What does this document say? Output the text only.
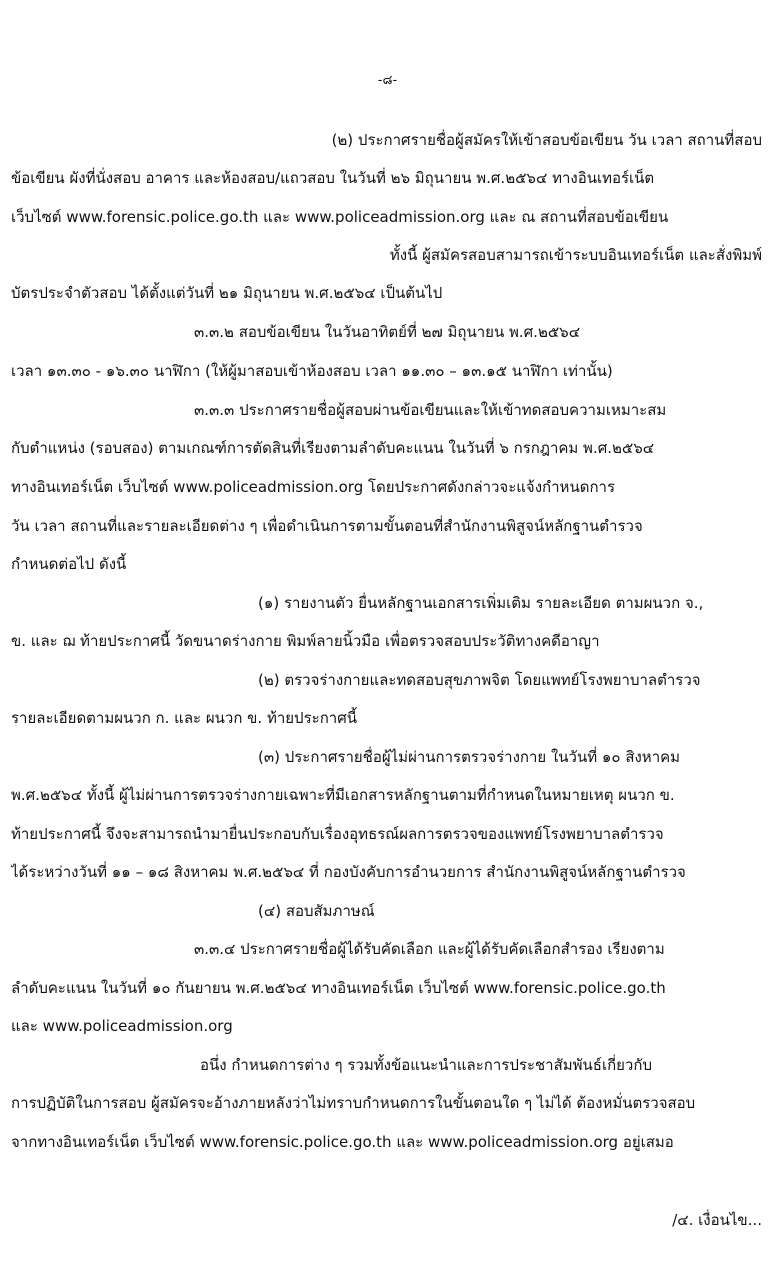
-๘-
(๒) ประกาศรายชื่อผู้สมัครให้เข้าสอบข้อเขียน วัน เวลา สถานที่สอบ
ข้อเขียน ผังที่นั่งสอบ อาคาร และห้องสอบ/แถวสอบ ในวันที่ ๒๖ มิถุนายน พ.ศ.๒๕๖๔ ทางอินเทอร์เน็ต
เว็บไซต์ www.forensic.police.go.th และ www.policeadmission.org และ ณ สถานที่สอบข้อเขียน
ทั้งนี้ ผู้สมัครสอบสามารถเข้าระบบอินเทอร์เน็ต และสั่งพิมพ์
บัตรประจำตัวสอบ ได้ตั้งแต่วันที่ ๒๑ มิถุนายน พ.ศ.๒๕๖๔ เป็นต้นไป
๓.๓.๒ สอบข้อเขียน ในวันอาทิตย์ที่ ๒๗ มิถุนายน พ.ศ.๒๕๖๔
เวลา ๑๓.๓๐ - ๑๖.๓๐ นาฬิกา (ให้ผู้มาสอบเข้าห้องสอบ เวลา ๑๑.๓๐ – ๑๓.๑๕ นาฬิกา เท่านั้น)
๓.๓.๓ ประกาศรายชื่อผู้สอบผ่านข้อเขียนและให้เข้าทดสอบความเหมาะสม
กับตำแหน่ง (รอบสอง) ตามเกณฑ์การตัดสินที่เรียงตามลำดับคะแนน ในวันที่ ๖ กรกฎาคม พ.ศ.๒๕๖๔
ทางอินเทอร์เน็ต เว็บไซต์ www.policeadmission.org โดยประกาศดังกล่าวจะแจ้งกำหนดการ
วัน เวลา สถานที่และรายละเอียดต่าง ๆ เพื่อดำเนินการตามขั้นตอนที่สำนักงานพิสูจน์หลักฐานตำรวจ
กำหนดต่อไป ดังนี้
(๑) รายงานตัว ยื่นหลักฐานเอกสารเพิ่มเติม รายละเอียด ตามผนวก จ.,
ข. และ ฌ ท้ายประกาศนี้ วัดขนาดร่างกาย พิมพ์ลายนิ้วมือ เพื่อตรวจสอบประวัติทางคดีอาญา
(๒) ตรวจร่างกายและทดสอบสุขภาพจิต โดยแพทย์โรงพยาบาลตำรวจ
รายละเอียดตามผนวก ก. และ ผนวก ข. ท้ายประกาศนี้
(๓) ประกาศรายชื่อผู้ไม่ผ่านการตรวจร่างกาย ในวันที่ ๑๐ สิงหาคม
พ.ศ.๒๕๖๔ ทั้งนี้ ผู้ไม่ผ่านการตรวจร่างกายเฉพาะที่มีเอกสารหลักฐานตามที่กำหนดในหมายเหตุ ผนวก ข.
ท้ายประกาศนี้ จึงจะสามารถนำมายื่นประกอบกับเรื่องอุทธรณ์ผลการตรวจของแพทย์โรงพยาบาลตำรวจ
ได้ระหว่างวันที่ ๑๑ – ๑๘ สิงหาคม พ.ศ.๒๕๖๔ ที่ กองบังคับการอำนวยการ สำนักงานพิสูจน์หลักฐานตำรวจ
(๔) สอบสัมภาษณ์
๓.๓.๔ ประกาศรายชื่อผู้ได้รับคัดเลือก และผู้ได้รับคัดเลือกสำรอง เรียงตาม
ลำดับคะแนน ในวันที่ ๑๐ กันยายน พ.ศ.๒๕๖๔ ทางอินเทอร์เน็ต เว็บไซต์ www.forensic.police.go.th
และ www.policeadmission.org
อนึ่ง กำหนดการต่าง ๆ รวมทั้งข้อแนะนำและการประชาสัมพันธ์เกี่ยวกับ
การปฏิบัติในการสอบ ผู้สมัครจะอ้างภายหลังว่าไม่ทราบกำหนดการในขั้นตอนใด ๆ ไม่ได้ ต้องหมั่นตรวจสอบ
จากทางอินเทอร์เน็ต เว็บไซต์ www.forensic.police.go.th และ www.policeadmission.org อยู่เสมอ
/๔. เงื่อนไข...
